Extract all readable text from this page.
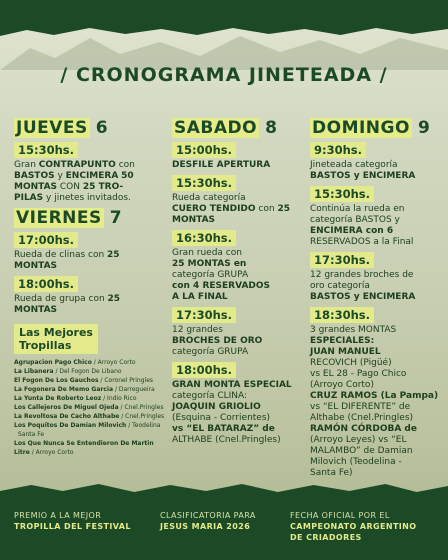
/ CRONOGRAMA JINETEADA /
JUEVES 6
15:30hs.
Gran CONTRAPUNTO con BASTOS y ENCIMERA 50 MONTAS CON 25 TRO-PILAS y jinetes invitados.
VIERNES 7
17:00hs.
Rueda de clinas con 25 MONTAS
18:00hs.
Rueda de grupa con 25 MONTAS
Las Mejores
Tropillas
Agrupacion Pago Chico / Arroyo Corto
La Libanera / Del Fogon De Libano
El Fogon De Los Gauchos / Coronel Pringles
La Fogonera De Memo Garcia / Darregueira
La Yunta De Roberto Leoz / Indio Rico
Los Callejeros De Miguel Ojeda / Cnel.Pringles
La Revoltosa De Cacho Althabe / Cnel.Pringles
Los Poquitos De Damian Milovich / Teodelina
Santa Fe
Los Que Nunca Se Entendieron De Martin
Litre / Arroyo Corto
SABADO 8
15:00hs.
DESFILE APERTURA
15:30hs.
Rueda categoría
CUERO TENDIDO con 25 MONTAS
16:30hs.
Gran rueda con
25 MONTAS en
categoría GRUPA
con 4 RESERVADOS
A LA FINAL
17:30hs.
12 grandes
BROCHES DE ORO
categoría GRUPA
18:00hs.
GRAN MONTA ESPECIAL
categoría CLINA:
JOAQUIN GRIOLIO
(Esquina - Corrientes)
vs “EL BATARAZ” de
ALTHABE (Cnel.Pringles)
DOMINGO 9
9:30hs.
Jineteada categoría
BASTOS y ENCIMERA
15:30hs.
Continúa la rueda en
categoría BASTOS y
ENCIMERA con 6
RESERVADOS a la Final
17:30hs.
12 grandes broches de
oro categoría
BASTOS y ENCIMERA
18:30hs.
3 grandes MONTAS
ESPECIALES:
JUAN MANUEL
RECOVICH (Pigüé)
vs EL 28 - Pago Chico
(Arroyo Corto)
CRUZ RAMOS (La Pampa)
vs “EL DIFERENTE” de
Althabe (Cnel.Pringles)
RAMÓN CÓRDOBA de
(Arroyo Leyes) vs “EL
MALAMBO” de Damian
Milovich (Teodelina -
Santa Fe)
PREMIO A LA MEJOR
TROPILLA DEL FESTIVAL
CLASIFICATORIA PARA
JESUS MARIA 2026
FECHA OFICIAL POR EL
CAMPEONATO ARGENTINO
DE CRIADORES
